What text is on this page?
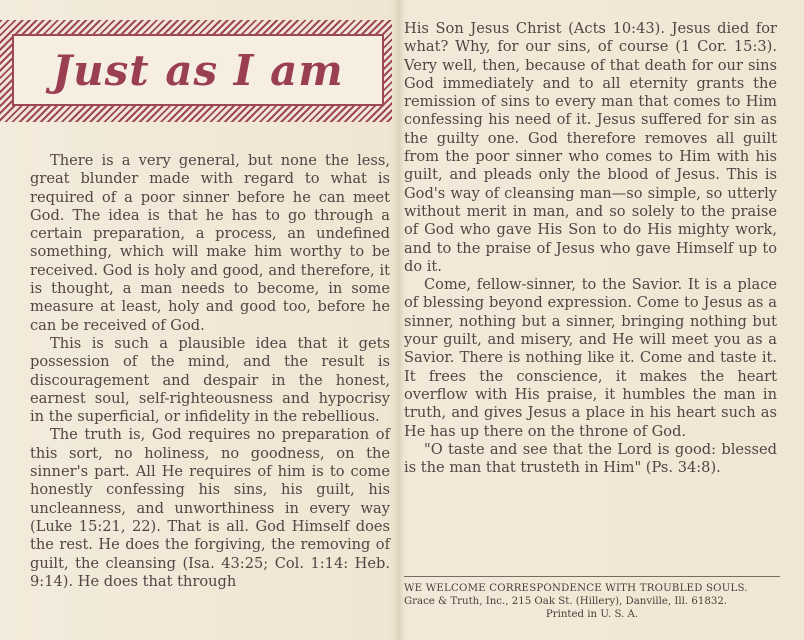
Just as I am

There is a very general, but none the less, great blunder made with regard to what is required of a poor sinner before he can meet God. The idea is that he has to go through a certain preparation, a process, an undefined something, which will make him worthy to be received. God is holy and good, and therefore, it is thought, a man needs to become, in some measure at least, holy and good too, before he can be received of God.

This is such a plausible idea that it gets possession of the mind, and the result is discouragement and despair in the honest, earnest soul, self-righteousness and hypocrisy in the superficial, or infidelity in the rebellious.

The truth is, God requires no preparation of this sort, no holiness, no goodness, on the sinner's part. All He requires of him is to come honestly confessing his sins, his guilt, his uncleanness, and unworthiness in every way (Luke 15:21, 22). That is all. God Himself does the rest. He does the forgiving, the removing of guilt, the cleansing (Isa. 43:25; Col. 1:14: Heb. 9:14). He does that through

His Son Jesus Christ (Acts 10:43). Jesus died for what? Why, for our sins, of course (1 Cor. 15:3). Very well, then, because of that death for our sins God immediately and to all eternity grants the remission of sins to every man that comes to Him confessing his need of it. Jesus suffered for sin as the guilty one. God therefore removes all guilt from the poor sinner who comes to Him with his guilt, and pleads only the blood of Jesus. This is God's way of cleansing man—so simple, so utterly without merit in man, and so solely to the praise of God who gave His Son to do His mighty work, and to the praise of Jesus who gave Himself up to do it.

Come, fellow-sinner, to the Savior. It is a place of blessing beyond expression. Come to Jesus as a sinner, nothing but a sinner, bringing nothing but your guilt, and misery, and He will meet you as a Savior. There is nothing like it. Come and taste it. It frees the conscience, it makes the heart overflow with His praise, it humbles the man in truth, and gives Jesus a place in his heart such as He has up there on the throne of God.

"O taste and see that the Lord is good: blessed is the man that trusteth in Him" (Ps. 34:8).

WE WELCOME CORRESPONDENCE WITH TROUBLED SOULS.
Grace & Truth, Inc., 215 Oak St. (Hillery), Danville, Ill. 61832.
Printed in U. S. A.
